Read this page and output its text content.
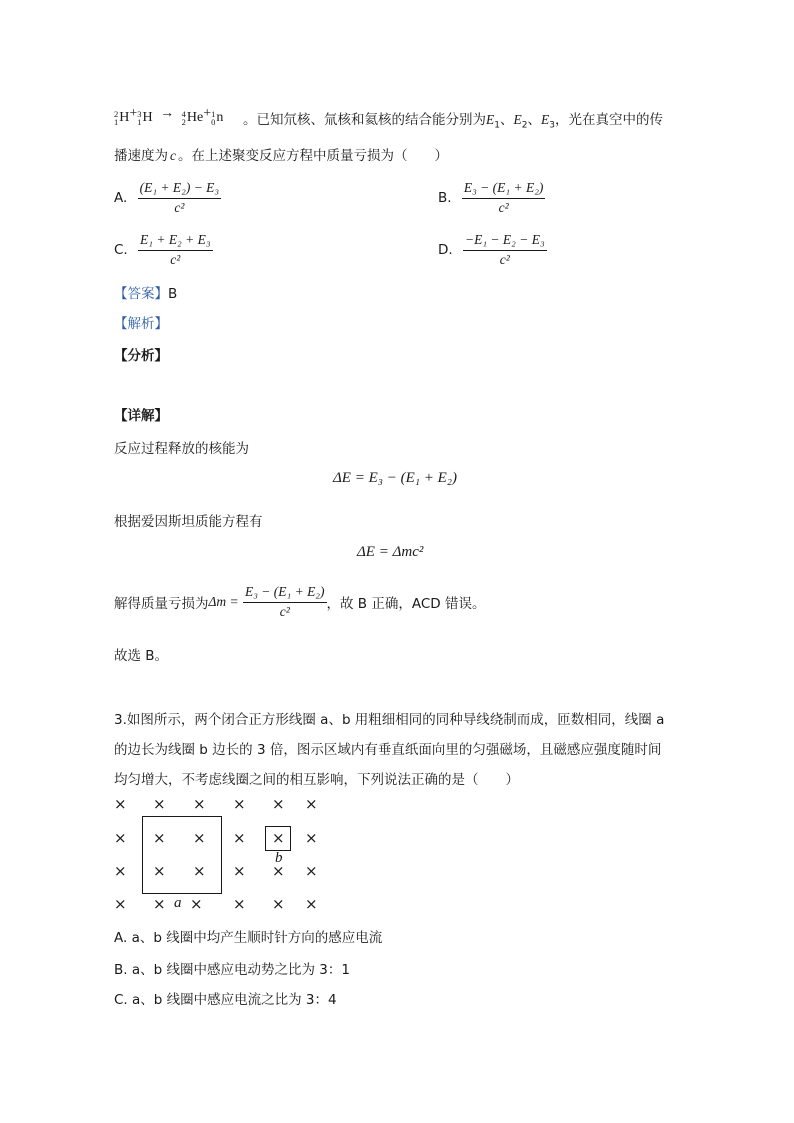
2
1 H + 3
1 H → 4
2 He + 1
0 n 。已知氘核、氚核和氦核的结合能分别为$E_1$、$E_2$、$E_3$，光在真空中的传
播速度为 c 。在上述聚变反应方程中质量亏损为（　　）
A. $\frac{\text{(E₁ + E₂) − E₃}}{\text{c²}}$	B. $\frac{\text{E₃ − (E₁ + E₂)}}{\text{c²}}$
C. $\frac{\text{E₁ + E₂ + E₃}}{\text{c²}}$	D. $\frac{\text{−E₁ − E₂ − E₃}}{\text{c²}}$
【答案】B
【解析】
【分析】
【详解】
反应过程释放的核能为
ΔE = E₃ − (E₁ + E₂)
根据爱因斯坦质能方程有
ΔE = Δmc²
解得质量亏损为$\Delta m = \frac{\text{E₃ − (E₁ + E₂)}}{\text{c²}}$ ，故 B 正确，ACD 错误。
故选 B。
3.如图所示，两个闭合正方形线圈 a、b 用粗细相同的同种导线绕制而成，匝数相同，线圈 a
的边长为线圈 b 边长的 3 倍，图示区域内有垂直纸面向里的匀强磁场，且磁感应强度随时间
均匀增大，不考虑线圈之间的相互影响，下列说法正确的是（　　）
a
b
× × × × × ×
× × × × × ×
× × × × × ×
× × × × × ×
A. a、b 线圈中均产生顺时针方向的感应电流
B. a、b 线圈中感应电动势之比为 3：1
C. a、b 线圈中感应电流之比为 3：4
